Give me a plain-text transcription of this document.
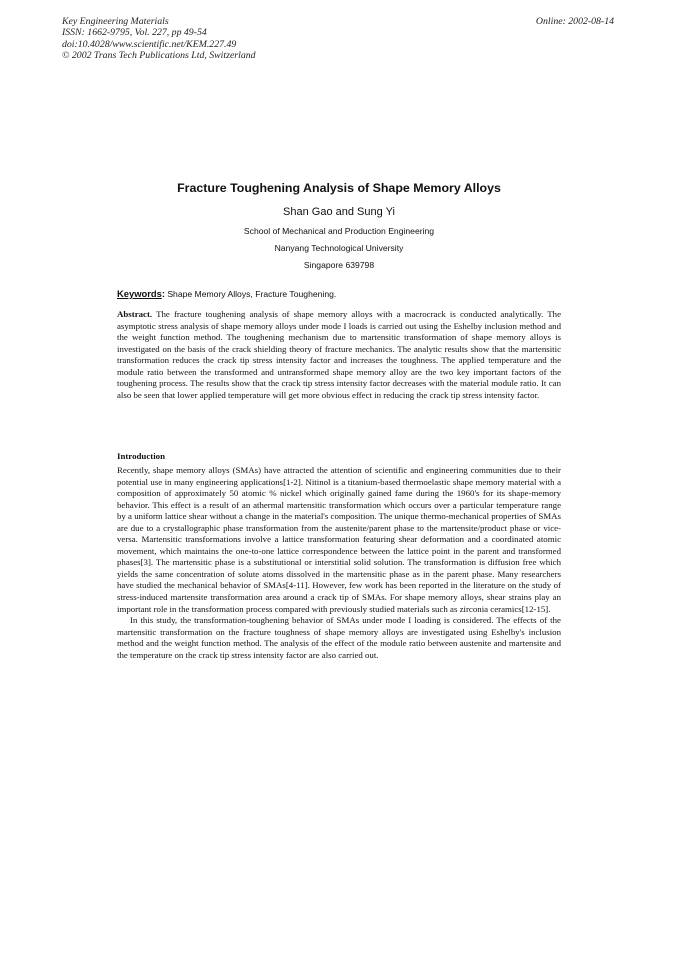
Key Engineering Materials
ISSN: 1662-9795, Vol. 227, pp 49-54
doi:10.4028/www.scientific.net/KEM.227.49
© 2002 Trans Tech Publications Ltd, Switzerland
Online: 2002-08-14
Fracture Toughening Analysis of Shape Memory Alloys
Shan Gao and Sung Yi
School of Mechanical and Production Engineering
Nanyang Technological University
Singapore 639798
Keywords: Shape Memory Alloys, Fracture Toughening.
Abstract. The fracture toughening analysis of shape memory alloys with a macrocrack is conducted analytically. The asymptotic stress analysis of shape memory alloys under mode I loads is carried out using the Eshelby inclusion method and the weight function method. The toughening mechanism due to martensitic transformation of shape memory alloys is investigated on the basis of the crack shielding theory of fracture mechanics. The analytic results show that the martensitic transformation reduces the crack tip stress intensity factor and increases the toughness. The applied temperature and the module ratio between the transformed and untransformed shape memory alloy are the two key important factors of the toughening process. The results show that the crack tip stress intensity factor decreases with the material module ratio. It can also be seen that lower applied temperature will get more obvious effect in reducing the crack tip stress intensity factor.
Introduction
Recently, shape memory alloys (SMAs) have attracted the attention of scientific and engineering communities due to their potential use in many engineering applications[1-2]. Nitinol is a titanium-based thermoelastic shape memory material with a composition of approximately 50 atomic % nickel which originally gained fame during the 1960's for its shape-memory behavior. This effect is a result of an athermal martensitic transformation which occurs over a particular temperature range by a uniform lattice shear without a change in the material's composition. The unique thermo-mechanical properties of SMAs are due to a crystallographic phase transformation from the austenite/parent phase to the martensite/product phase or vice-versa. Martensitic transformations involve a lattice transformation featuring shear deformation and a coordinated atomic movement, which maintains the one-to-one lattice correspondence between the lattice point in the parent and transformed phases[3]. The martensitic phase is a substitutional or interstitial solid solution. The transformation is diffusion free which yields the same concentration of solute atoms dissolved in the martensitic phase as in the parent phase. Many researchers have studied the mechanical behavior of SMAs[4-11]. However, few work has been reported in the literature on the study of stress-induced martensite transformation area around a crack tip of SMAs. For shape memory alloys, shear strains play an important role in the transformation process compared with previously studied materials such as zirconia ceramics[12-15].
In this study, the transformation-toughening behavior of SMAs under mode I loading is considered. The effects of the martensitic transformation on the fracture toughness of shape memory alloys are investigated using Eshelby's inclusion method and the weight function method. The analysis of the effect of the module ratio between austenite and martensite and the temperature on the crack tip stress intensity factor are also carried out.
